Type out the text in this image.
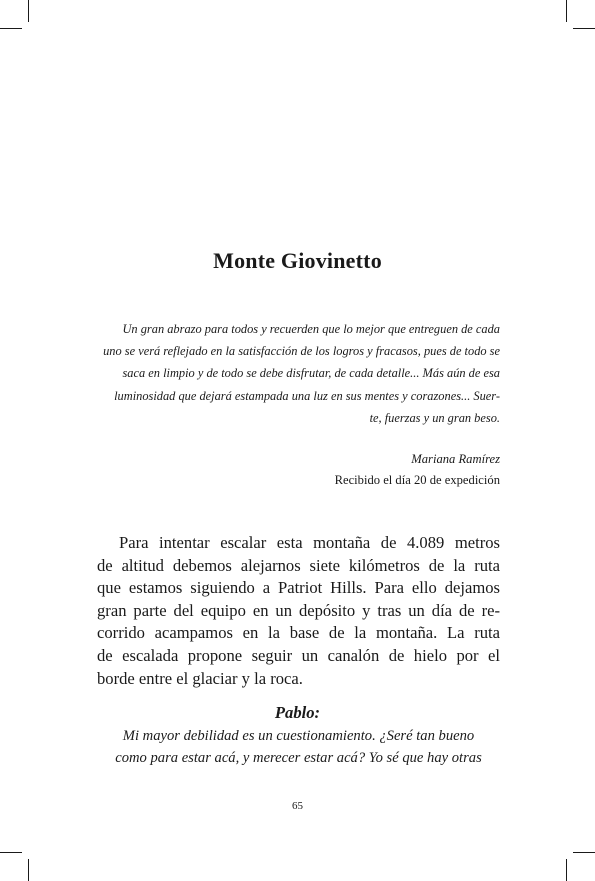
Monte Giovinetto
Un gran abrazo para todos y recuerden que lo mejor que entreguen de cada
uno se verá reflejado en la satisfacción de los logros y fracasos, pues de todo se
saca en limpio y de todo se debe disfrutar, de cada detalle... Más aún de esa
luminosidad que dejará estampada una luz en sus mentes y corazones... Suer-
te, fuerzas y un gran beso.
Mariana Ramírez
Recibido el día 20 de expedición
Para intentar escalar esta montaña de 4.089 metros
de altitud debemos alejarnos siete kilómetros de la ruta
que estamos siguiendo a Patriot Hills. Para ello dejamos
gran parte del equipo en un depósito y tras un día de re-
corrido acampamos en la base de la montaña. La ruta
de escalada propone seguir un canalón de hielo por el
borde entre el glaciar y la roca.
Pablo:
Mi mayor debilidad es un cuestionamiento. ¿Seré tan bueno
como para estar acá, y merecer estar acá? Yo sé que hay otras
65
